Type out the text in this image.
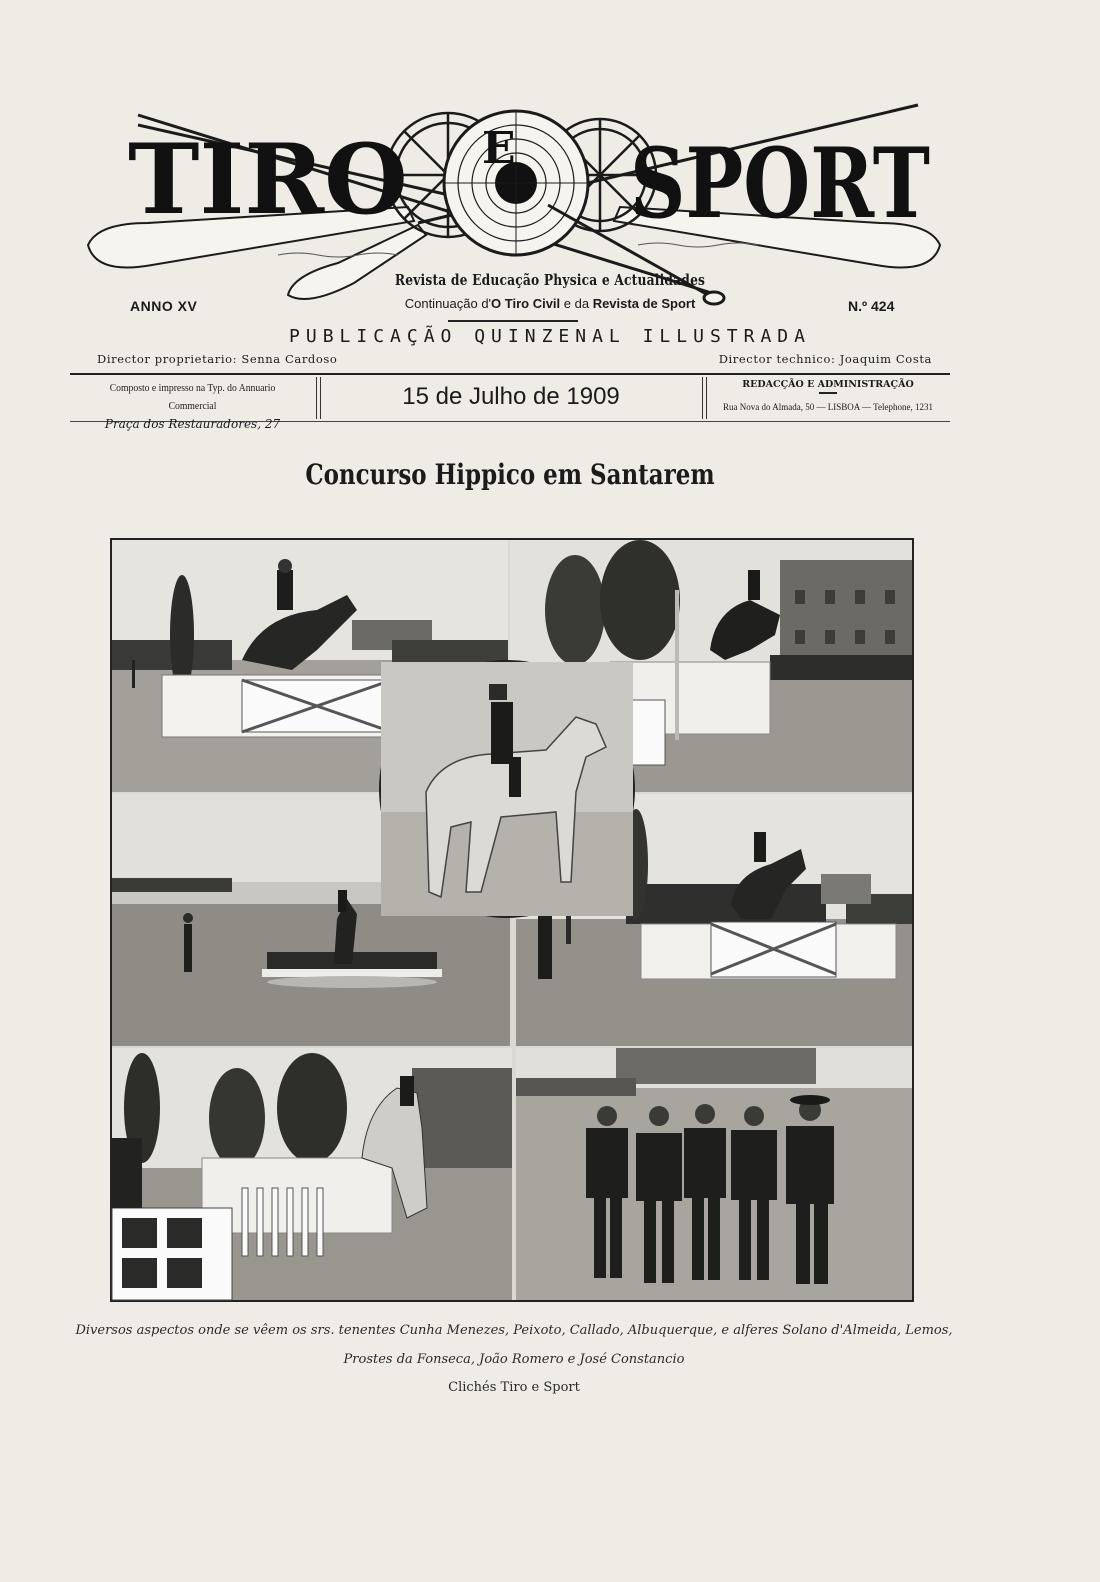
TIRO E SPORT
Revista de Educação Physica e Actualidades
Continuação d'O Tiro Civil e da Revista de Sport
ANNO XV	N.º 424
PUBLICAÇÃO QUINZENAL ILLUSTRADA
Director proprietario: Senna Cardoso	Director technico: Joaquim Costa
Composto e impresso na Typ. do Annuario Commercial
Praça dos Restauradores, 27
15 de Julho de 1909	REDACÇÃO E ADMINISTRAÇÃO
Rua Nova do Almada, 50 — LISBOA — Telephone, 1231
Concurso Hippico em Santarem
Diversos aspectos onde se vêem os srs. tenentes Cunha Menezes, Peixoto, Callado, Albuquerque, e alferes Solano d'Almeida, Lemos,
Prostes da Fonseca, João Romero e José Constancio
Clichés Tiro e Sport
